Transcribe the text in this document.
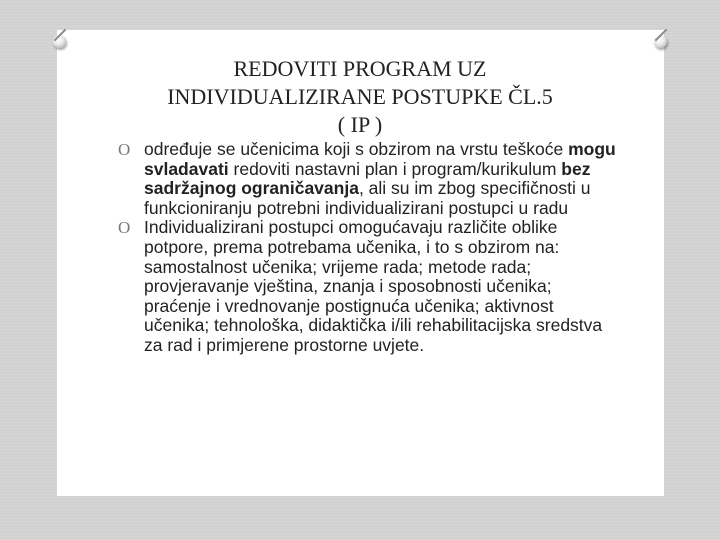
REDOVITI PROGRAM UZ
INDIVIDUALIZIRANE POSTUPKE ČL.5
( IP )

O određuje se učenicima koji s obzirom na vrstu teškoće mogu svladavati redoviti nastavni plan i program/kurikulum bez sadržajnog ograničavanja, ali su im zbog specifičnosti u funkcioniranju potrebni individualizirani postupci u radu

O Individualizirani postupci omogućavaju različite oblike potpore, prema potrebama učenika, i to s obzirom na: samostalnost učenika; vrijeme rada; metode rada; provjeravanje vještina, znanja i sposobnosti učenika; praćenje i vrednovanje postignuća učenika; aktivnost učenika; tehnološka, didaktička i/ili rehabilitacijska sredstva za rad i primjerene prostorne uvjete.
